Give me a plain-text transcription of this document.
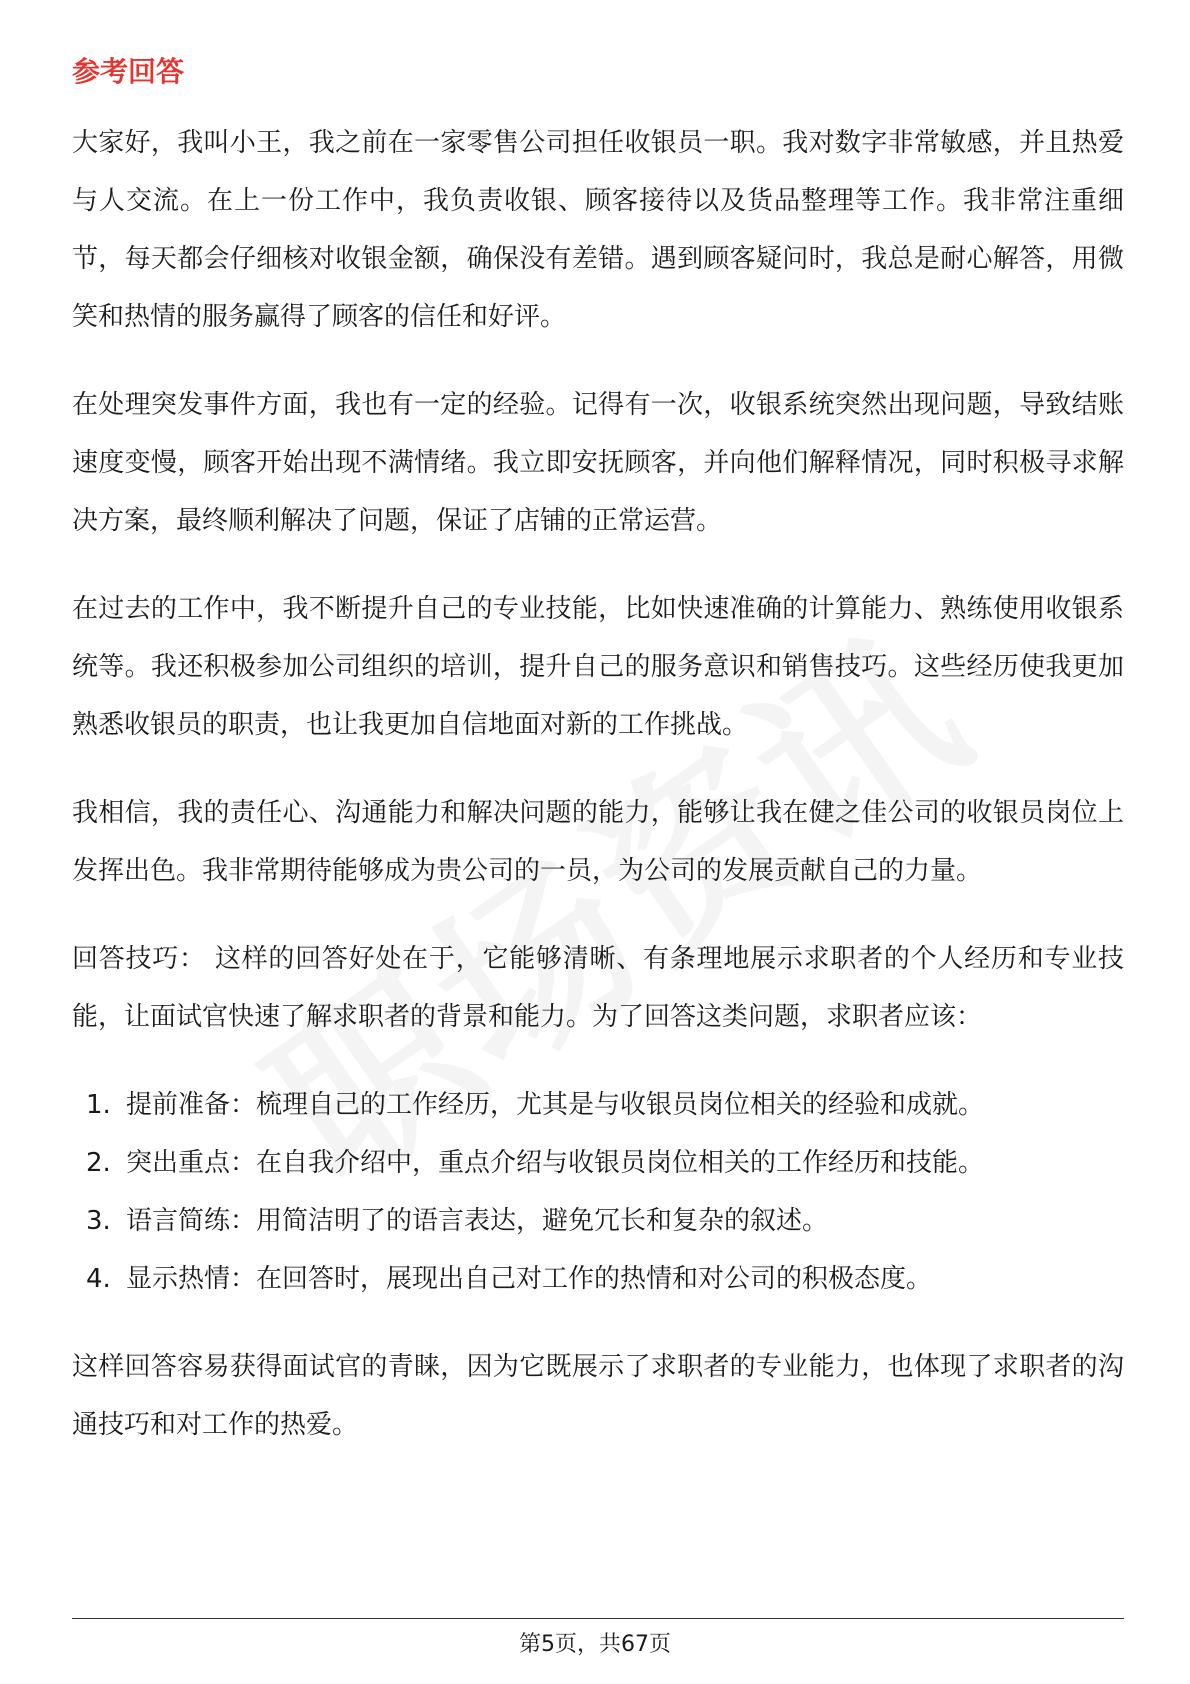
参考回答

大家好，我叫小王，我之前在一家零售公司担任收银员一职。我对数字非常敏感，并且热爱与人交流。在上一份工作中，我负责收银、顾客接待以及货品整理等工作。我非常注重细节，每天都会仔细核对收银金额，确保没有差错。遇到顾客疑问时，我总是耐心解答，用微笑和热情的服务赢得了顾客的信任和好评。

在处理突发事件方面，我也有一定的经验。记得有一次，收银系统突然出现问题，导致结账速度变慢，顾客开始出现不满情绪。我立即安抚顾客，并向他们解释情况，同时积极寻求解决方案，最终顺利解决了问题，保证了店铺的正常运营。

在过去的工作中，我不断提升自己的专业技能，比如快速准确的计算能力、熟练使用收银系统等。我还积极参加公司组织的培训，提升自己的服务意识和销售技巧。这些经历使我更加熟悉收银员的职责，也让我更加自信地面对新的工作挑战。

我相信，我的责任心、沟通能力和解决问题的能力，能够让我在健之佳公司的收银员岗位上发挥出色。我非常期待能够成为贵公司的一员，为公司的发展贡献自己的力量。

回答技巧： 这样的回答好处在于，它能够清晰、有条理地展示求职者的个人经历和专业技能，让面试官快速了解求职者的背景和能力。为了回答这类问题，求职者应该：

1. 提前准备：梳理自己的工作经历，尤其是与收银员岗位相关的经验和成就。
2. 突出重点：在自我介绍中，重点介绍与收银员岗位相关的工作经历和技能。
3. 语言简练：用简洁明了的语言表达，避免冗长和复杂的叙述。
4. 显示热情：在回答时，展现出自己对工作的热情和对公司的积极态度。

这样回答容易获得面试官的青睐，因为它既展示了求职者的专业能力，也体现了求职者的沟通技巧和对工作的热爱。

第5页，共67页
